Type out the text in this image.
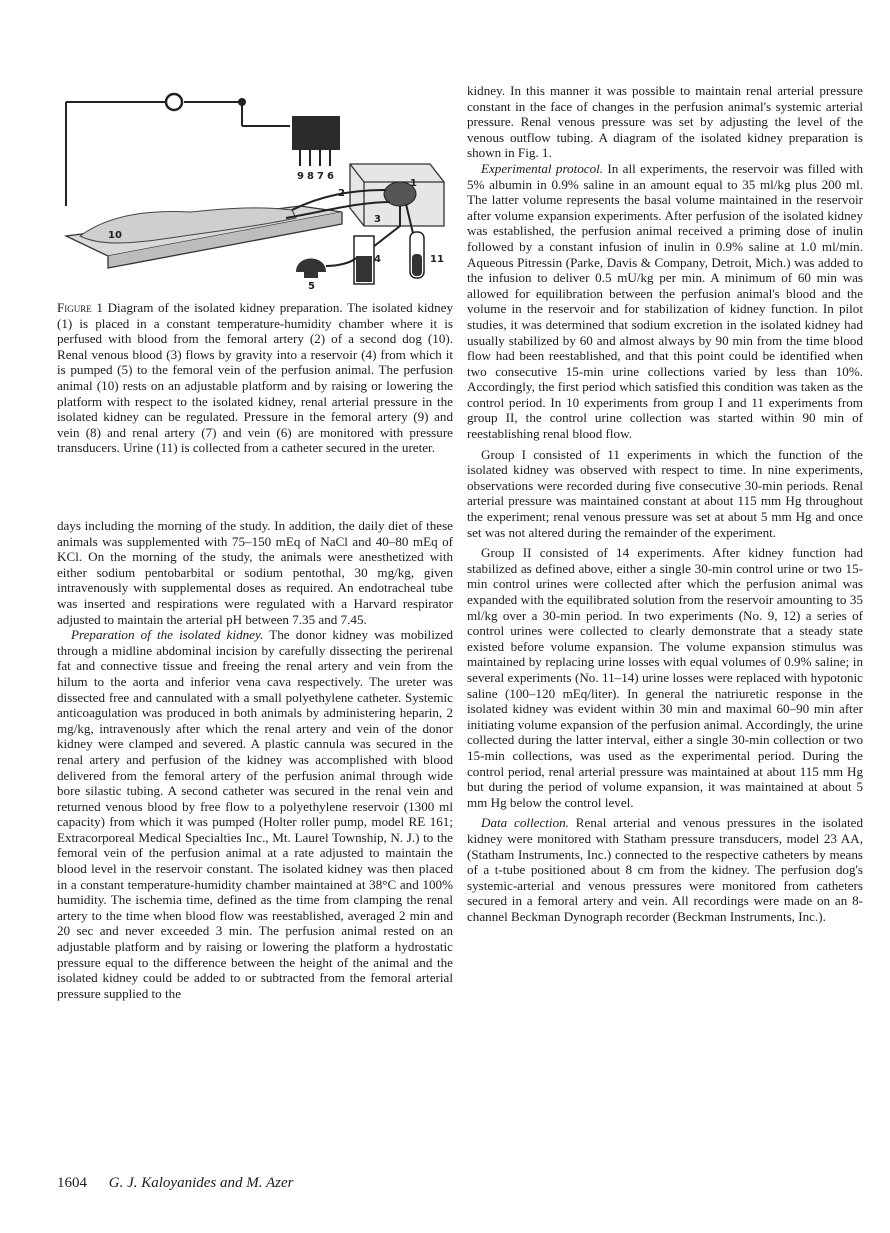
9 8 7 6
1
2
3
4
5
10
11
Figure 1 Diagram of the isolated kidney preparation. The isolated kidney (1) is placed in a constant temperature-humidity chamber where it is perfused with blood from the femoral artery (2) of a second dog (10). Renal venous blood (3) flows by gravity into a reservoir (4) from which it is pumped (5) to the femoral vein of the perfusion animal. The perfusion animal (10) rests on an adjustable platform and by raising or lowering the platform with respect to the isolated kidney, renal arterial pressure in the isolated kidney can be regulated. Pressure in the femoral artery (9) and vein (8) and renal artery (7) and vein (6) are monitored with pressure transducers. Urine (11) is collected from a catheter secured in the ureter.

days including the morning of the study. In addition, the daily diet of these animals was supplemented with 75–150 mEq of NaCl and 40–80 mEq of KCl. On the morning of the study, the animals were anesthetized with either sodium pentobarbital or sodium pentothal, 30 mg/kg, given intravenously with supplemental doses as required. An endotracheal tube was inserted and respirations were regulated with a Harvard respirator adjusted to maintain the arterial pH between 7.35 and 7.45.

Preparation of the isolated kidney. The donor kidney was mobilized through a midline abdominal incision by carefully dissecting the perirenal fat and connective tissue and freeing the renal artery and vein from the hilum to the aorta and inferior vena cava respectively. The ureter was dissected free and cannulated with a small polyethylene catheter. Systemic anticoagulation was produced in both animals by administering heparin, 2 mg/kg, intravenously after which the renal artery and vein of the donor kidney were clamped and severed. A plastic cannula was secured in the renal artery and perfusion of the kidney was accomplished with blood delivered from the femoral artery of the perfusion animal through wide bore silastic tubing. A second catheter was secured in the renal vein and returned venous blood by free flow to a polyethylene reservoir (1300 ml capacity) from which it was pumped (Holter roller pump, model RE 161; Extracorporeal Medical Specialties Inc., Mt. Laurel Township, N. J.) to the femoral vein of the perfusion animal at a rate adjusted to maintain the blood level in the reservoir constant. The isolated kidney was then placed in a constant temperature-humidity chamber maintained at 38°C and 100% humidity. The ischemia time, defined as the time from clamping the renal artery to the time when blood flow was reestablished, averaged 2 min and 20 sec and never exceeded 3 min. The perfusion animal rested on an adjustable platform and by raising or lowering the platform a hydrostatic pressure equal to the difference between the height of the animal and the isolated kidney could be added to or subtracted from the femoral arterial pressure supplied to the

kidney. In this manner it was possible to maintain renal arterial pressure constant in the face of changes in the perfusion animal's systemic arterial pressure. Renal venous pressure was set by adjusting the level of the venous outflow tubing. A diagram of the isolated kidney preparation is shown in Fig. 1.

Experimental protocol. In all experiments, the reservoir was filled with 5% albumin in 0.9% saline in an amount equal to 35 ml/kg plus 200 ml. The latter volume represents the basal volume maintained in the reservoir after volume expansion experiments. After perfusion of the isolated kidney was established, the perfusion animal received a priming dose of inulin followed by a constant infusion of inulin in 0.9% saline at 1.0 ml/min. Aqueous Pitressin (Parke, Davis & Company, Detroit, Mich.) was added to the infusion to deliver 0.5 mU/kg per min. A minimum of 60 min was allowed for equilibration between the perfusion animal's blood and the volume in the reservoir and for stabilization of kidney function. In pilot studies, it was determined that sodium excretion in the isolated kidney had usually stabilized by 60 and almost always by 90 min from the time blood flow had been reestablished, and that this point could be identified when two consecutive 15-min urine collections varied by less than 10%. Accordingly, the first period which satisfied this condition was taken as the control period. In 10 experiments from group I and 11 experiments from group II, the control urine collection was started within 90 min of reestablishing renal blood flow.

Group I consisted of 11 experiments in which the function of the isolated kidney was observed with respect to time. In nine experiments, observations were recorded during five consecutive 30-min periods. Renal arterial pressure was maintained constant at about 115 mm Hg throughout the experiment; renal venous pressure was set at about 5 mm Hg and once set was not altered during the remainder of the experiment.

Group II consisted of 14 experiments. After kidney function had stabilized as defined above, either a single 30-min control urine or two 15-min control urines were collected after which the perfusion animal was expanded with the equilibrated solution from the reservoir amounting to 35 ml/kg over a 30-min period. In two experiments (No. 9, 12) a series of control urines were collected to clearly demonstrate that a steady state existed before volume expansion. The volume expansion stimulus was maintained by replacing urine losses with equal volumes of 0.9% saline; in several experiments (No. 11–14) urine losses were replaced with hypotonic saline (100–120 mEq/liter). In general the natriuretic response in the isolated kidney was evident within 30 min and maximal 60–90 min after initiating volume expansion of the perfusion animal. Accordingly, the urine collected during the latter interval, either a single 30-min collection or two 15-min collections, was used as the experimental period. During the control period, renal arterial pressure was maintained at about 115 mm Hg but during the period of volume expansion, it was maintained at about 5 mm Hg below the control level.

Data collection. Renal arterial and venous pressures in the isolated kidney were monitored with Statham pressure transducers, model 23 AA, (Statham Instruments, Inc.) connected to the respective catheters by means of a t-tube positioned about 8 cm from the kidney. The perfusion dog's systemic-arterial and venous pressures were monitored from catheters secured in a femoral artery and vein. All recordings were made on an 8-channel Beckman Dynograph recorder (Beckman Instruments, Inc.).

1604 G. J. Kaloyanides and M. Azer
